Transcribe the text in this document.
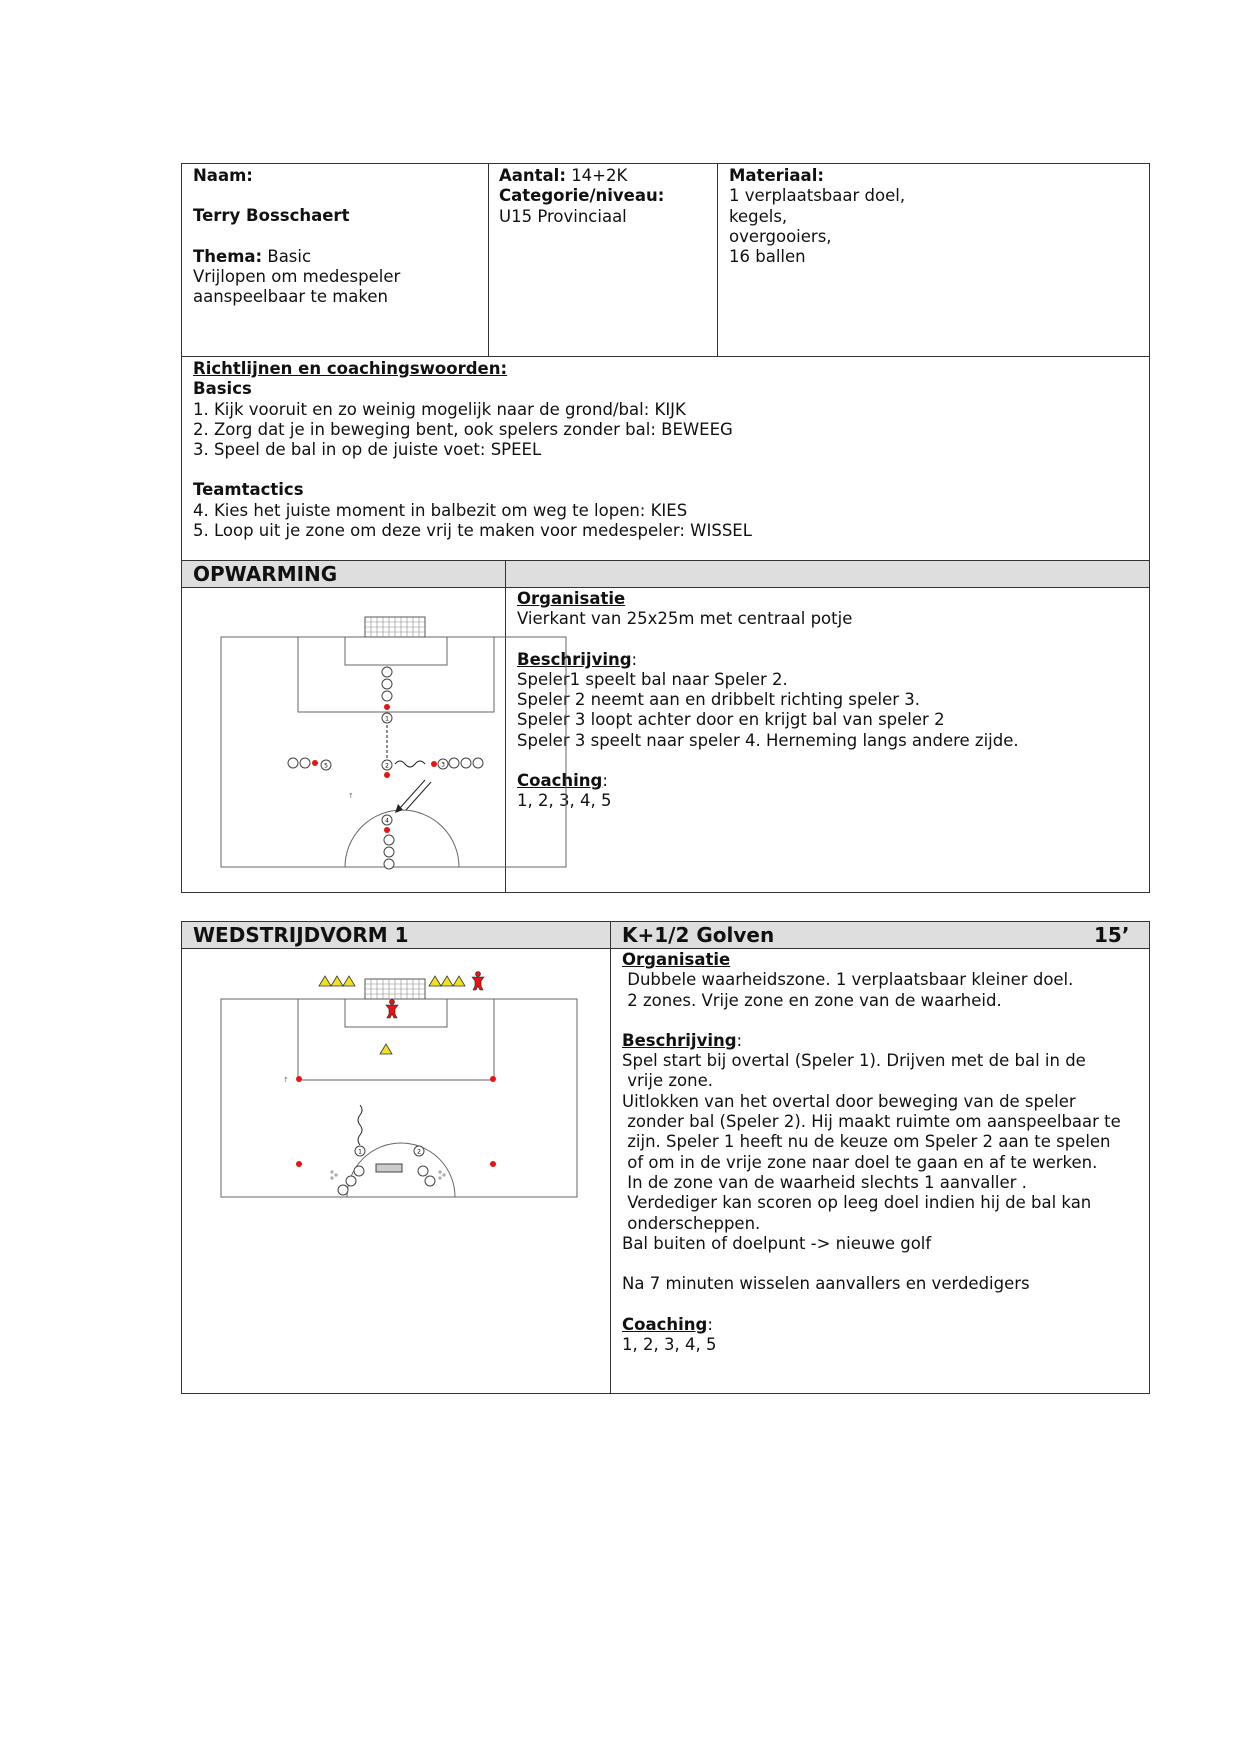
Naam:
Terry Bosschaert
Thema: Basic
Vrijlopen om medespeler
aanspeelbaar te maken
Aantal: 14+2K
Categorie/niveau:
U15 Provinciaal
Materiaal:
1 verplaatsbaar doel,
kegels,
overgooiers,
16 ballen
Richtlijnen en coachingswoorden:
Basics
1. Kijk vooruit en zo weinig mogelijk naar de grond/bal: KIJK
2. Zorg dat je in beweging bent, ook spelers zonder bal: BEWEEG
3. Speel de bal in op de juiste voet: SPEEL
Teamtactics
4. Kies het juiste moment in balbezit om weg te lopen: KIES
5. Loop uit je zone om deze vrij te maken voor medespeler: WISSEL
OPWARMING
Organisatie
Vierkant van 25x25m met centraal potje
Beschrijving:
Speler1 speelt bal naar Speler 2.
Speler 2 neemt aan en dribbelt richting speler 3.
Speler 3 loopt achter door en krijgt bal van speler 2
Speler 3 speelt naar speler 4. Herneming langs andere zijde.
Coaching:
1, 2, 3, 4, 5
1
5	2	3
↑
4
WEDSTRIJDVORM 1	K+1/2 Golven	15’
Organisatie
Dubbele waarheidszone. 1 verplaatsbaar kleiner doel.
2 zones. Vrije zone en zone van de waarheid.
Beschrijving:
Spel start bij overtal (Speler 1). Drijven met de bal in de
vrije zone.
Uitlokken van het overtal door beweging van de speler
zonder bal (Speler 2). Hij maakt ruimte om aanspeelbaar te
zijn. Speler 1 heeft nu de keuze om Speler 2 aan te spelen
of om in de vrije zone naar doel te gaan en af te werken.
In de zone van de waarheid slechts 1 aanvaller .
Verdediger kan scoren op leeg doel indien hij de bal kan
onderscheppen.
Bal buiten of doelpunt -> nieuwe golf
Na 7 minuten wisselen aanvallers en verdedigers
Coaching:
1, 2, 3, 4, 5
↑
1	2
